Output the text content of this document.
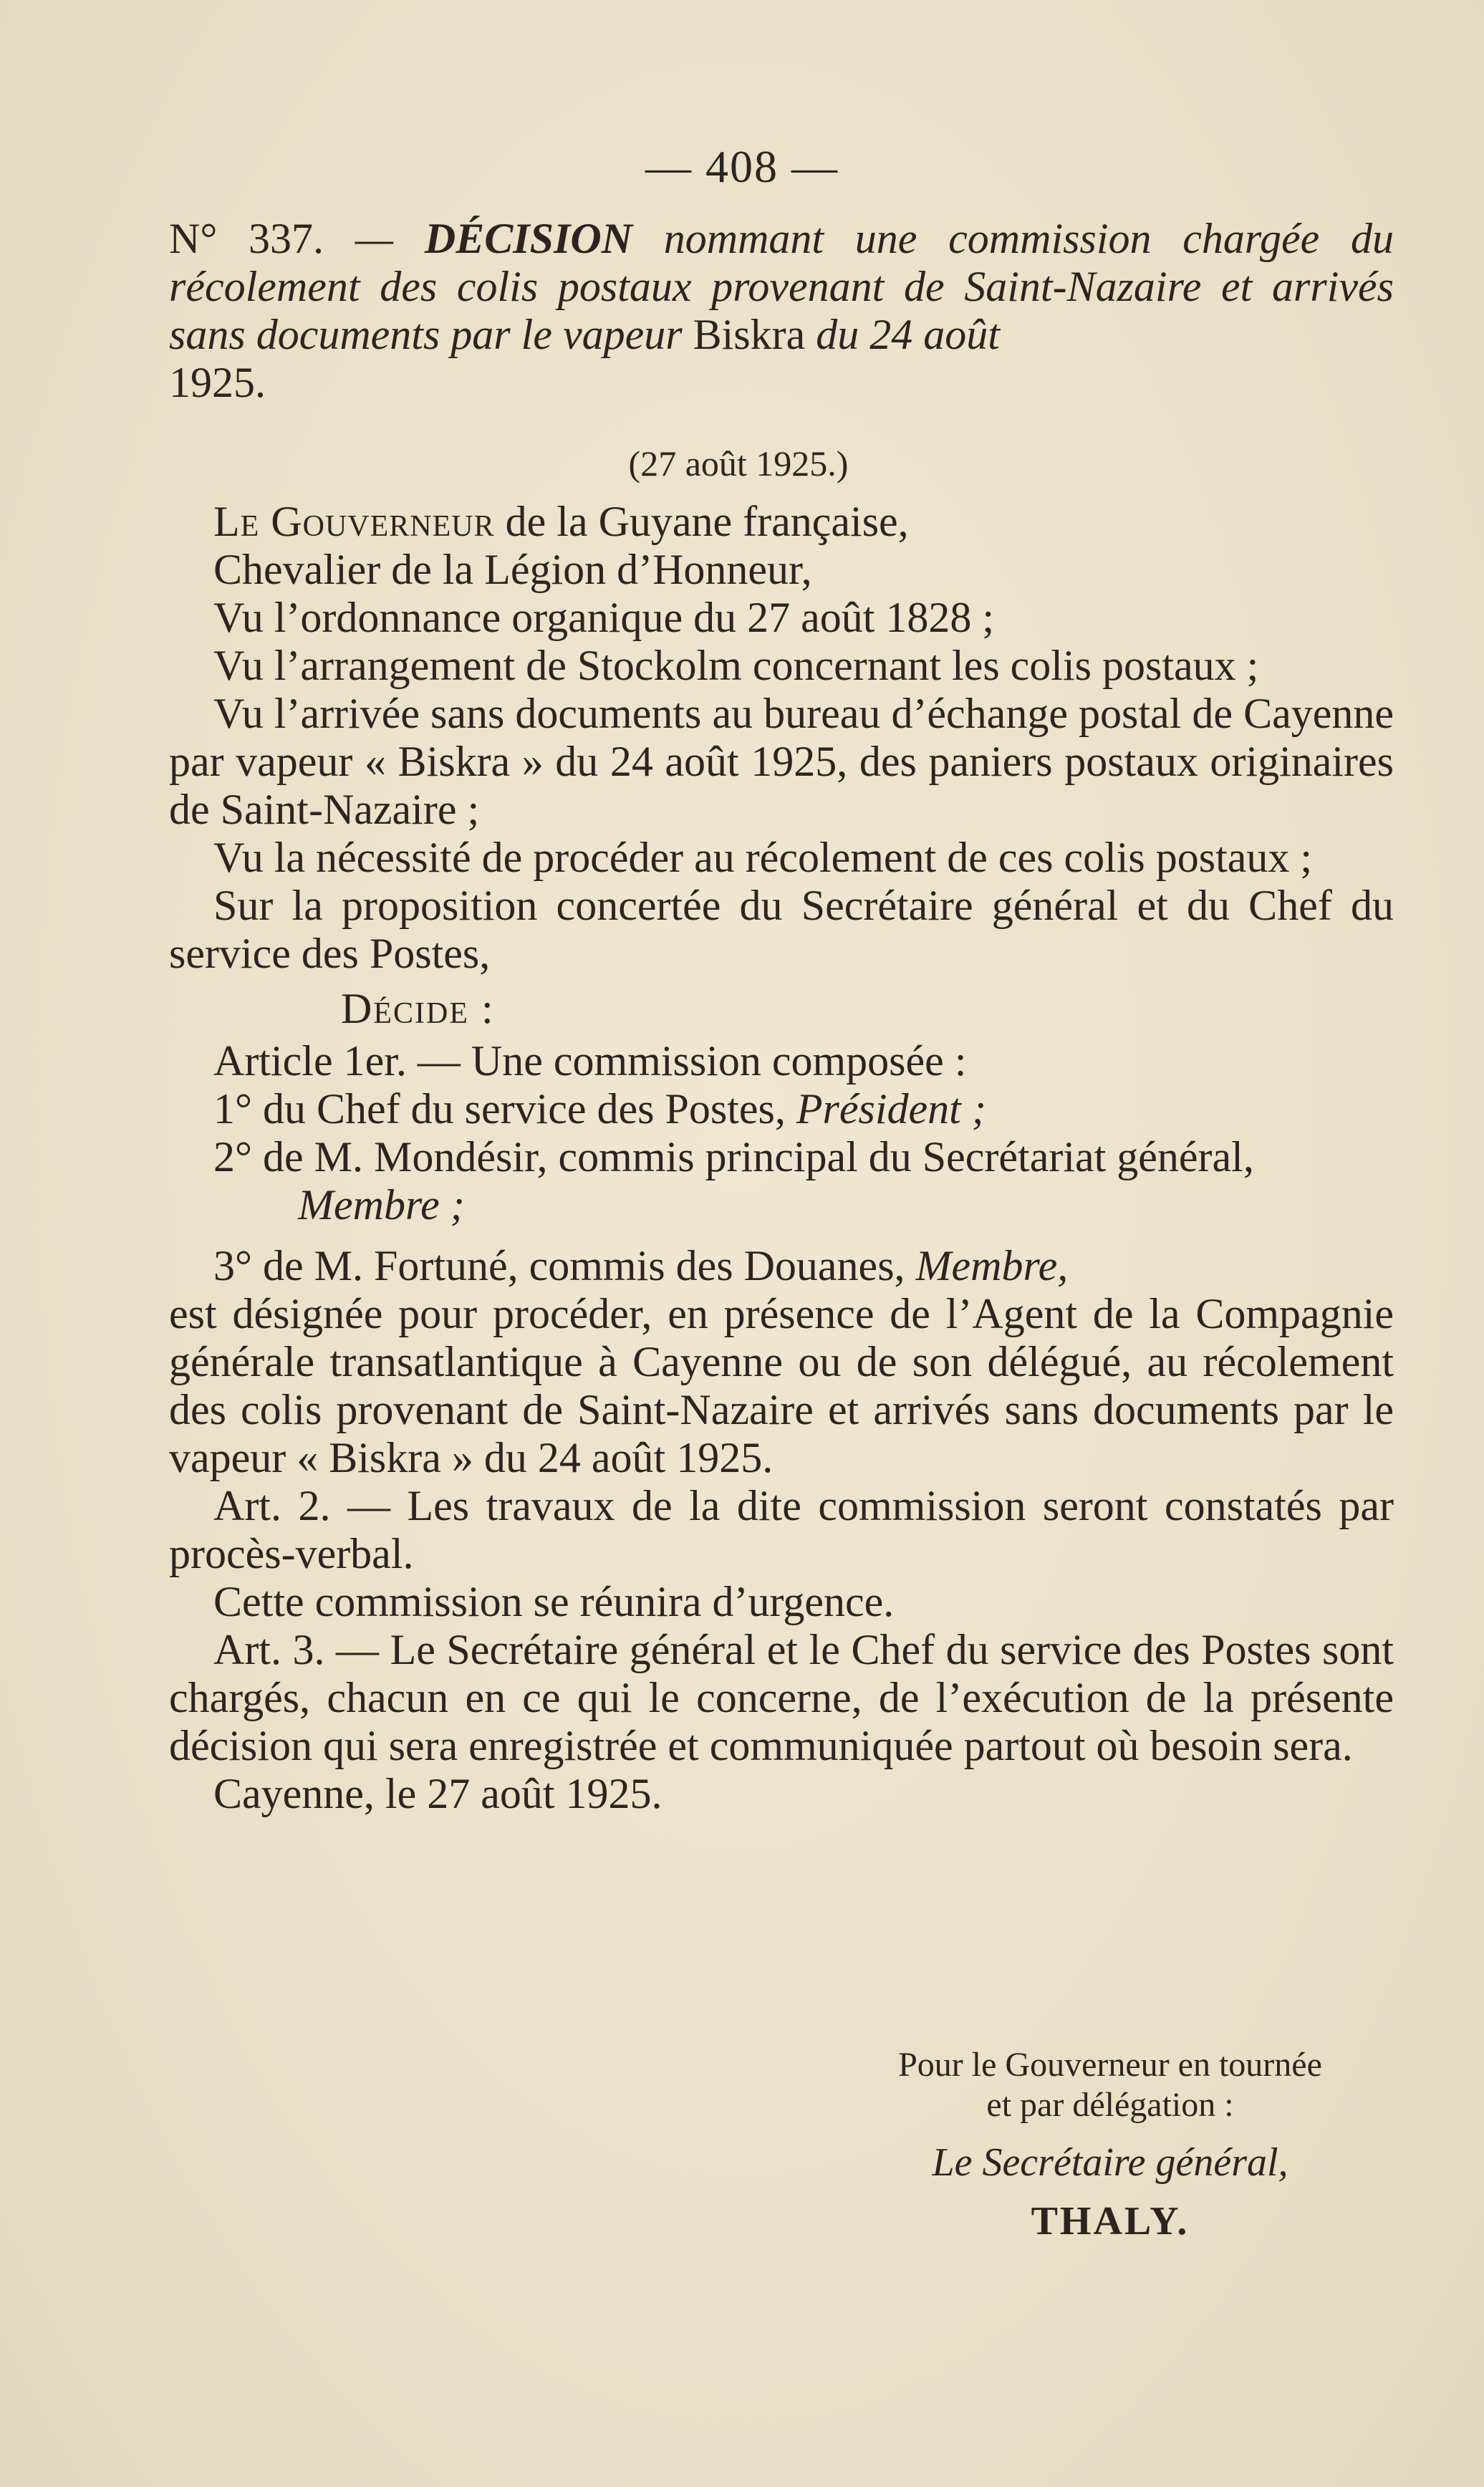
— 408 —

N° 337. — DÉCISION nommant une commission chargée du récolement des colis postaux provenant de Saint-Nazaire et arrivés sans documents par le vapeur Biskra du 24 août
1925.

(27 août 1925.)

Le Gouverneur de la Guyane française,

Chevalier de la Légion d’Honneur,

Vu l’ordonnance organique du 27 août 1828 ;

Vu l’arrangement de Stockolm concernant les colis postaux ;

Vu l’arrivée sans documents au bureau d’échange postal de Cayenne par vapeur « Biskra » du 24 août 1925, des paniers postaux originaires de Saint-Nazaire ;

Vu la nécessité de procéder au récolement de ces colis postaux ;

Sur la proposition concertée du Secrétaire général et du Chef du service des Postes,

Décide :

Article 1er. — Une commission composée :

1° du Chef du service des Postes, Président ;

2° de M. Mondésir, commis principal du Secrétariat général,

Membre ;

3° de M. Fortuné, commis des Douanes, Membre,

est désignée pour procéder, en présence de l’Agent de la Compagnie générale transatlantique à Cayenne ou de son délégué, au récolement des colis provenant de Saint-Nazaire et arrivés sans documents par le vapeur « Biskra » du 24 août 1925.

Art. 2. — Les travaux de la dite commission seront constatés par procès-verbal.

Cette commission se réunira d’urgence.

Art. 3. — Le Secrétaire général et le Chef du service des Postes sont chargés, chacun en ce qui le concerne, de l’exécution de la présente décision qui sera enregistrée et communiquée partout où besoin sera.

Cayenne, le 27 août 1925.

Pour le Gouverneur en tournée
et par délégation :
Le Secrétaire général,
THALY.
